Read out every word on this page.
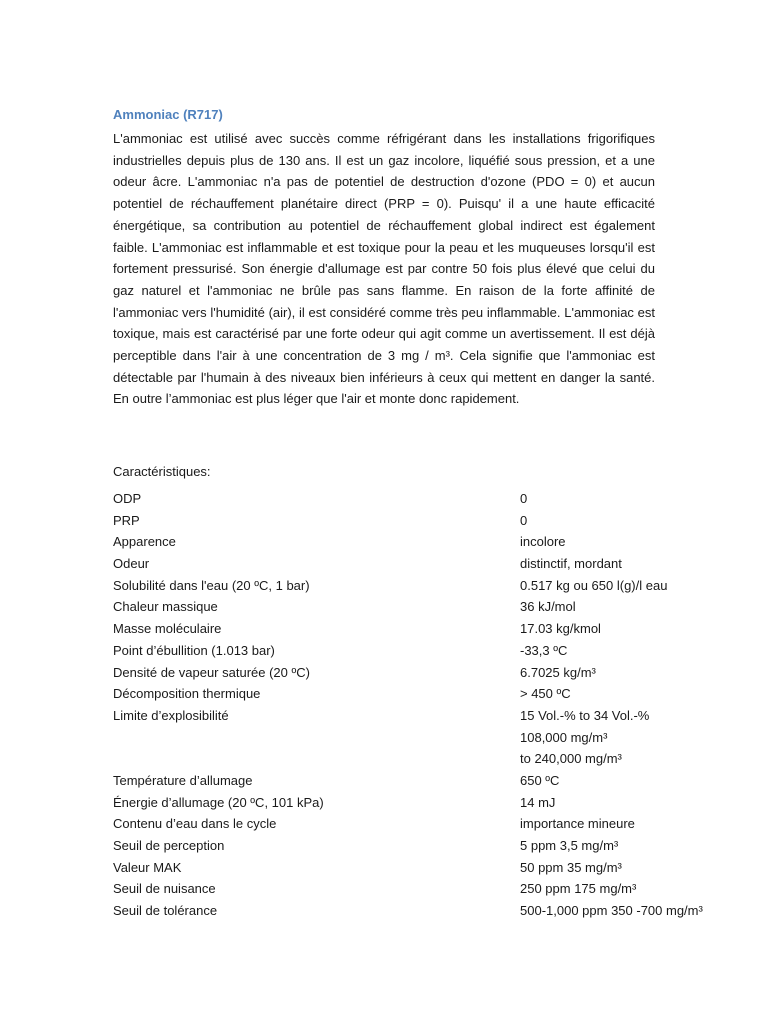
Ammoniac (R717)

L'ammoniac est utilisé avec succès comme réfrigérant dans les installations frigorifiques industrielles depuis plus de 130 ans. Il est un gaz incolore, liquéfié sous pression, et a une odeur âcre. L'ammoniac n'a pas de potentiel de destruction d'ozone (PDO = 0) et aucun potentiel de réchauffement planétaire direct (PRP = 0). Puisqu' il a une haute efficacité énergétique, sa contribution au potentiel de réchauffement global indirect est également faible. L'ammoniac est inflammable et est toxique pour la peau et les muqueuses lorsqu'il est fortement pressurisé. Son énergie d'allumage est par contre 50 fois plus élevé que celui du gaz naturel et l'ammoniac ne brûle pas sans flamme. En raison de la forte affinité de l'ammoniac vers l'humidité (air), il est considéré comme très peu inflammable. L'ammoniac est toxique, mais est caractérisé par une forte odeur qui agit comme un avertissement. Il est déjà perceptible dans l'air à une concentration de 3 mg / m³. Cela signifie que l'ammoniac est détectable par l'humain à des niveaux bien inférieurs à ceux qui mettent en danger la santé. En outre l’ammoniac est plus léger que l'air et monte donc rapidement.

Caractéristiques:

ODP	0
PRP	0
Apparence	incolore
Odeur	distinctif, mordant
Solubilité dans l'eau (20 ºC, 1 bar)	0.517 kg ou 650 l(g)/l eau
Chaleur massique	36 kJ/mol
Masse moléculaire	17.03 kg/kmol
Point d’ébullition (1.013 bar)	-33,3 ºC
Densité de vapeur saturée (20 ºC)	6.7025 kg/m³
Décomposition thermique	> 450 ºC
Limite d’explosibilité	15 Vol.-% to 34 Vol.-%
108,000 mg/m³
to 240,000 mg/m³
Température d’allumage	650 ºC
Énergie d’allumage (20 ºC, 101 kPa)	14 mJ
Contenu d’eau dans le cycle	importance mineure
Seuil de perception	5 ppm 3,5 mg/m³
Valeur MAK	50 ppm 35 mg/m³
Seuil de nuisance	250 ppm 175 mg/m³
Seuil de tolérance	500-1,000 ppm 350 -700 mg/m³
